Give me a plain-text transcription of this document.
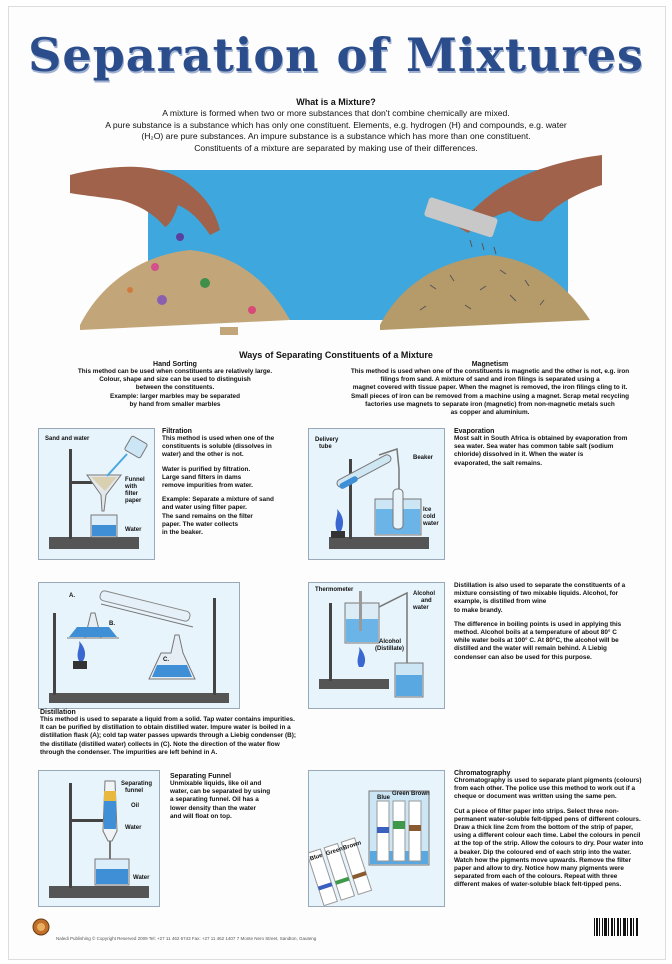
Separation of Mixtures
What is a Mixture?
A mixture is formed when two or more substances that don't combine chemically are mixed.
A pure substance is a substance which has only one constituent. Elements, e.g. hydrogen (H) and compounds, e.g. water
(H₂O) are pure substances. An impure substance is a substance which has more than one constituent.
Constituents of a mixture are separated by making use of their differences.
Ways of Separating Constituents of a Mixture
Hand Sorting
This method can be used when constituents are relatively large.
Colour, shape and size can be used to distinguish
between the constituents.
Example: larger marbles may be separated
by hand from smaller marbles
Magnetism
This method is used when one of the constituents is magnetic and the other is not, e.g. iron
filings from sand. A mixture of sand and iron filings is separated using a
magnet covered with tissue paper. When the magnet is removed, the iron filings cling to it.
Small pieces of iron can be removed from a machine using a magnet. Scrap metal recycling
factories use magnets to separate iron (magnetic) from non-magnetic metals such
as copper and aluminium.
Sand and water
Funnel
with
filter
paper
Water
Filtration
This method is used when one of the
constituents is soluble (dissolves in
water) and the other is not.
Water is purified by filtration.
Large sand filters in dams
remove impurities from water.
Example: Separate a mixture of sand
and water using filter paper.
The sand remains on the filter
paper. The water collects
in the beaker.
Delivery
tube
Beaker
Ice
cold
water
Evaporation
Most salt in South Africa is obtained by evaporation from
sea water. Sea water has common table salt (sodium
chloride) dissolved in it. When the water is
evaporated, the salt remains.
A.
B.
C.
Thermometer
Alcohol
and
water
Alcohol
(Distillate)
Distillation is also used to separate the constituents of a
mixture consisting of two mixable liquids. Alcohol, for
example, is distilled from wine
to make brandy.
The difference in boiling points is used in applying this
method. Alcohol boils at a temperature of about 80° C
while water boils at 100° C. At 80°C, the alcohol will be
distilled and the water will remain behind. A Liebig
condenser can also be used for this purpose.
Distillation
This method is used to separate a liquid from a solid. Tap water contains impurities.
It can be purified by distillation to obtain distilled water. Impure water is boiled in a
distillation flask (A); cold tap water passes upwards through a Liebig condenser (B);
the distillate (distilled water) collects in (C). Note the direction of the water flow
through the condenser. The impurities are left behind in A.
Separating
funnel
Oil
Water
Water
Separating Funnel
Unmixable liquids, like oil and
water, can be separated by using
a separating funnel. Oil has a
lower density than the water
and will float on top.
Blue
Green
Brown
Blue
Green Brown
Chromatography
Chromatography is used to separate plant pigments (colours)
from each other. The police use this method to work out if a
cheque or document was written using the same pen.
Cut a piece of filter paper into strips. Select three non-
permanent water-soluble felt-tipped pens of different colours.
Draw a thick line 2cm from the bottom of the strip of paper,
using a different colour each time. Label the colours in pencil
at the top of the strip. Allow the colours to dry. Pour water into
a beaker. Dip the coloured end of each strip into the water.
Watch how the pigments move upwards. Remove the filter
paper and allow to dry. Notice how many pigments were
separated from each of the colours. Repeat with three
different makes of water-soluble black felt-tipped pens.
Naledi Publishing © Copyright Reserved 2009 Tel: +27 11 462 6743 Fax: +27 11 462 1407 7 Monte Nero Street, Sandton, Gauteng
